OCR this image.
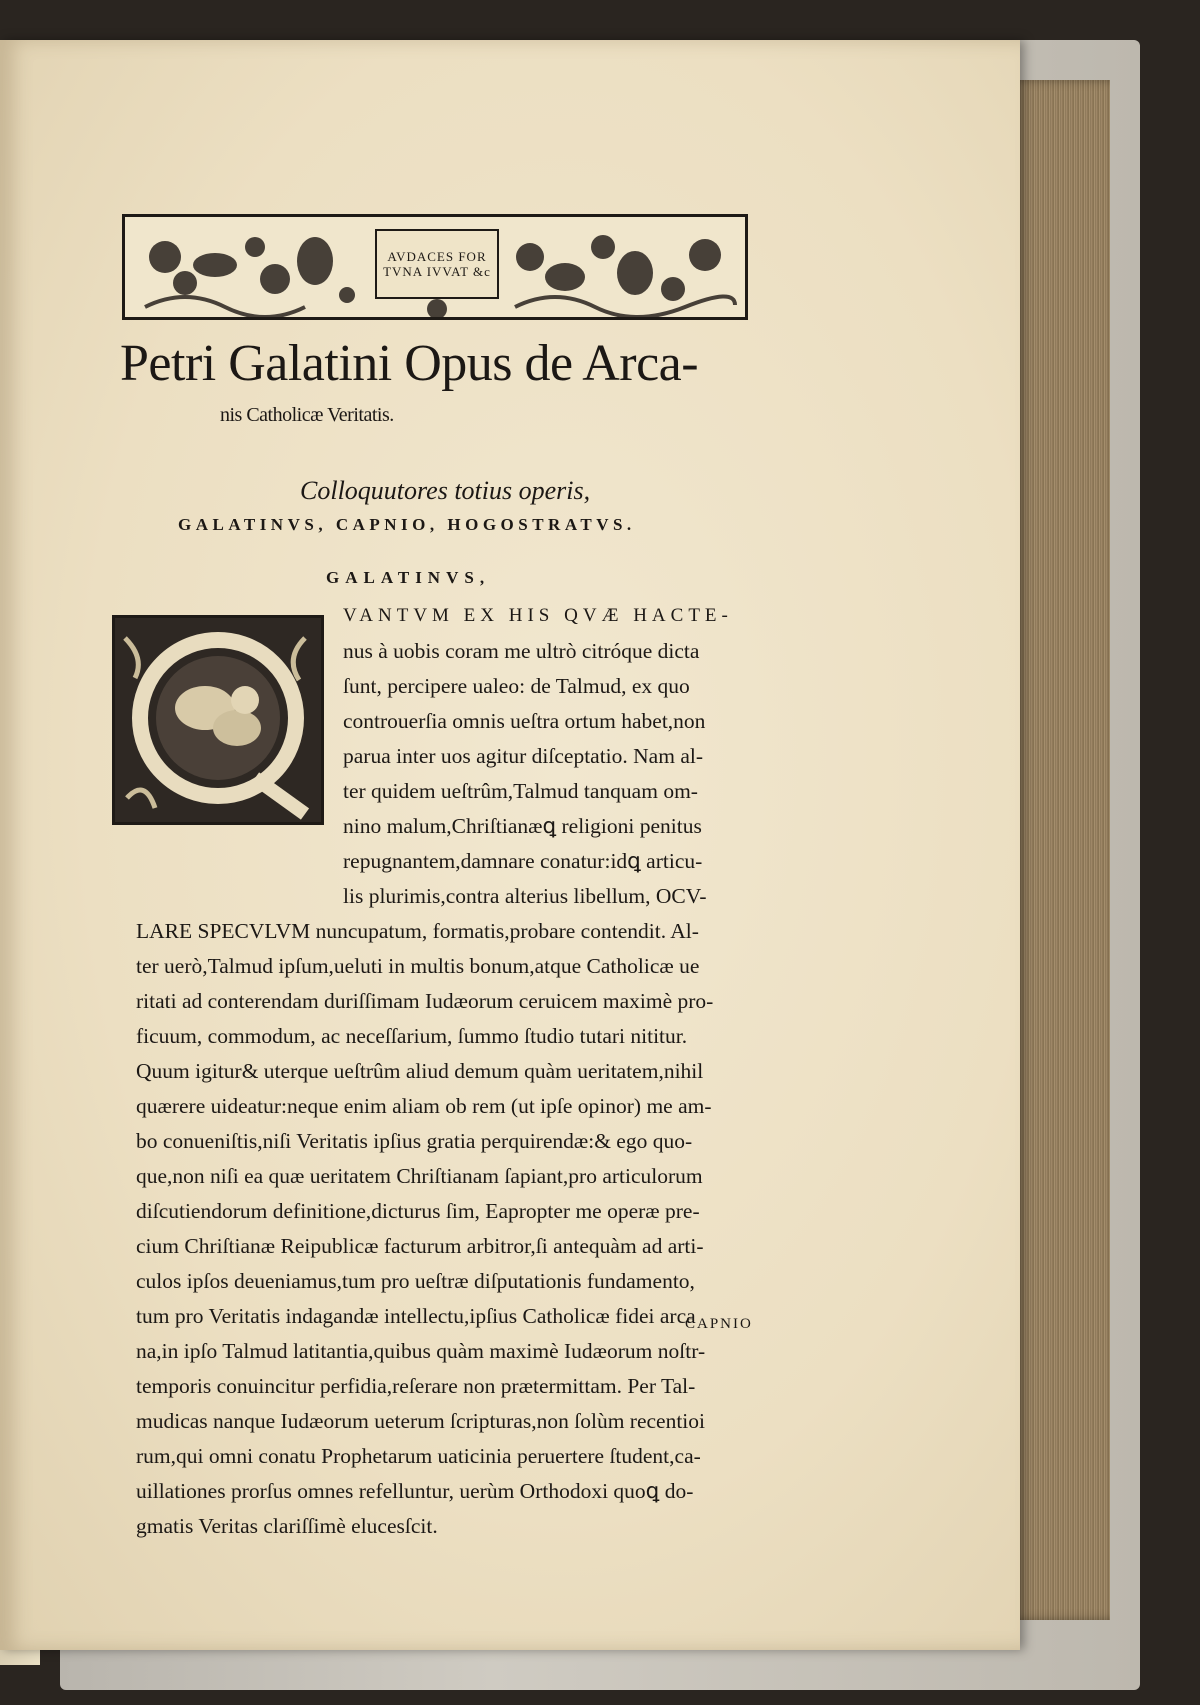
AVDACES FOR
TVNA IVVAT &c
Petri Galatini Opus de Arca-
nis Catholicæ Veritatis.
Colloquutores totius operis,
GALATINVS, CAPNIO, HOGOSTRATVS.
GALATINVS,
VANTVM EX HIS QVÆ HACTE-
nus à uobis coram me ultrò citróque dicta
ſunt, percipere ualeo: de Talmud, ex quo
controuerſia omnis ueſtra ortum habet,non
parua inter uos agitur diſceptatio. Nam al-
ter quidem ueſtrûm,Talmud tanquam om-
nino malum,Chriſtianæꝗ religioni penitus
repugnantem,damnare conatur:idꝗ articu-
lis plurimis,contra alterius libellum, OCV-
LARE SPECVLVM nuncupatum, formatis,probare contendit. Al-
ter uerò,Talmud ipſum,ueluti in multis bonum,atque Catholicæ ue
ritati ad conterendam duriſſimam Iudæorum ceruicem maximè pro-
ficuum, commodum, ac neceſſarium, ſummo ſtudio tutari nititur.
Quum igitur& uterque ueſtrûm aliud demum quàm ueritatem,nihil
quærere uideatur:neque enim aliam ob rem (ut ipſe opinor) me am-
bo conueniſtis,niſi Veritatis ipſius gratia perquirendæ:& ego quo-
que,non niſi ea quæ ueritatem Chriſtianam ſapiant,pro articulorum
diſcutiendorum definitione,dicturus ſim, Eapropter me operæ pre-
cium Chriſtianæ Reipublicæ facturum arbitror,ſi antequàm ad arti-
culos ipſos deueniamus,tum pro ueſtræ diſputationis fundamento,
tum pro Veritatis indagandæ intellectu,ipſius Catholicæ fidei arca
na,in ipſo Talmud latitantia,quibus quàm maximè Iudæorum noſtr-
temporis conuincitur perfidia,reſerare non prætermittam. Per Tal-
mudicas nanque Iudæorum ueterum ſcripturas,non ſolùm recentioi
rum,qui omni conatu Prophetarum uaticinia peruertere ſtudent,ca-
uillationes prorſus omnes refelluntur, uerùm Orthodoxi quoꝗ do-
gmatis Veritas clariſſimè elucesſcit.
CAPNIO
